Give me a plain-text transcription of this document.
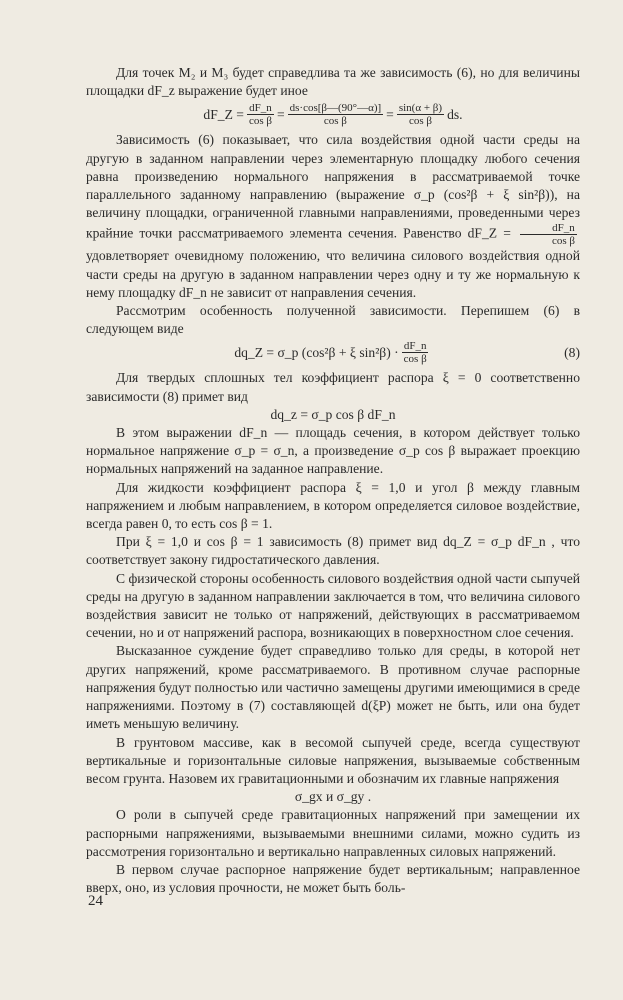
Для точек M₂ и M₃ будет справедлива та же зависимость (6), но для величины площадки dF_z выражение будет иное

dF_Z = $\frac{dF\_n}{\text{cos β}} = \frac{ds\cdot\cos[\beta—(90^\circ—\alpha)]}{\text{cos β}} = \frac{\sin(\alpha + \beta)}{\text{cos β}}$ ds.

Зависимость (6) показывает, что сила воздействия одной части среды на другую в заданном направлении через элементарную площадку любого сечения равна произведению нормального напряжения в рассматриваемой точке параллельного заданному направлению (выражение σ_p (cos²β + ξ sin²β)), на величину площадки, ограниченной главными направлениями, проведенными через крайние точки рассматриваемого элемента сечения. Равенство dF_Z = $\frac{dF\_n}{\text{cos β}}$
удовлетворяет очевидному положению, что величина силового воздействия одной части среды на другую в заданном направлении через одну и ту же нормальную к нему площадку dF_n не зависит от направления сечения.

Рассмотрим особенность полученной зависимости. Перепишем (6) в следующем виде

dq_Z = σ_p (cos²β + ξ $\sin^2\beta) \cdot \frac{dF\_n}{\text{cos β}}$	(8)

Для твердых сплошных тел коэффициент распора ξ = 0 соответственно зависимости (8) примет вид

dq_z = σ_p cos β dF_n

В этом выражении dF_n — площадь сечения, в котором действует только нормальное напряжение σ_p = σ_n, а произведение σ_p cos β выражает проекцию нормальных напряжений на заданное направление.

Для жидкости коэффициент распора ξ = 1,0 и угол β между главным напряжением и любым направлением, в котором определяется силовое воздействие, всегда равен 0, то есть cos β = 1.

При ξ = 1,0 и cos β = 1 зависимость (8) примет вид dq_Z = σ_p dF_n , что соответствует закону гидростатического давления.

С физической стороны особенность силового воздействия одной части сыпучей среды на другую в заданном направлении заключается в том, что величина силового воздействия зависит не только от напряжений, действующих в рассматриваемом сечении, но и от напряжений распора, возникающих в поверхностном слое сечения.

Высказанное суждение будет справедливо только для среды, в которой нет других напряжений, кроме рассматриваемого. В противном случае распорные напряжения будут полностью или частично замещены другими имеющимися в среде напряжениями. Поэтому в (7) составляющей d(ξP) может не быть, или она будет иметь меньшую величину.

В грунтовом массиве, как в весомой сыпучей среде, всегда существуют вертикальные и горизонтальные силовые напряжения, вызываемые собственным весом грунта. Назовем их гравитационными и обозначим их главные напряжения

σ_gx и σ_gy .

О роли в сыпучей среде гравитационных напряжений при замещении их распорными напряжениями, вызываемыми внешними силами, можно судить из рассмотрения горизонтально и вертикально направленных силовых напряжений.

В первом случае распорное напряжение будет вертикальным; направленное вверх, оно, из условия прочности, не может быть боль-

24
